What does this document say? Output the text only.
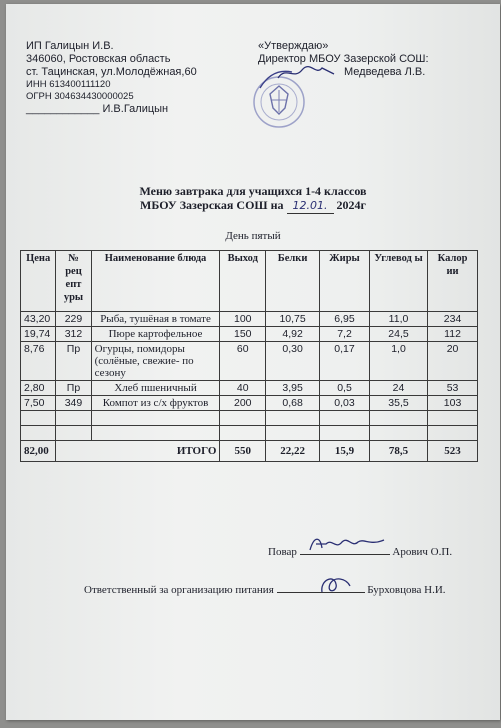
ИП Галицын И.В.
346060, Ростовская область
ст. Тацинская, ул.Молодёжная,60
ИНН 613400111120
ОГРН 304634430000025
____________ И.В.Галицын
«Утверждаю»
Директор МБОУ Зазерской СОШ:
Медведева Л.В.
Меню завтрака для учащихся 1-4 классов
МБОУ Зазерская СОШ на 12.01. 2024г
День пятый
Цена	№ рец епт уры	Наименование блюда	Выход	Белки	Жиры	Углевод ы	Калор ии
43,20	229	Рыба, тушёная в томате	100	10,75	6,95	11,0	234
19,74	312	Пюре картофельное	150	4,92	7,2	24,5	112
8,76	Пр	Огурцы, помидоры (солёные, свежие- по сезону	60	0,30	0,17	1,0	20
2,80	Пр	Хлеб пшеничный	40	3,95	0,5	24	53
7,50	349	Компот из с/х фруктов	200	0,68	0,03	35,5	103

82,00	ИТОГО		550	22,22	15,9	78,5	523
Повар	Арович О.П.
Ответственный за организацию питания	Бурховцова Н.И.
